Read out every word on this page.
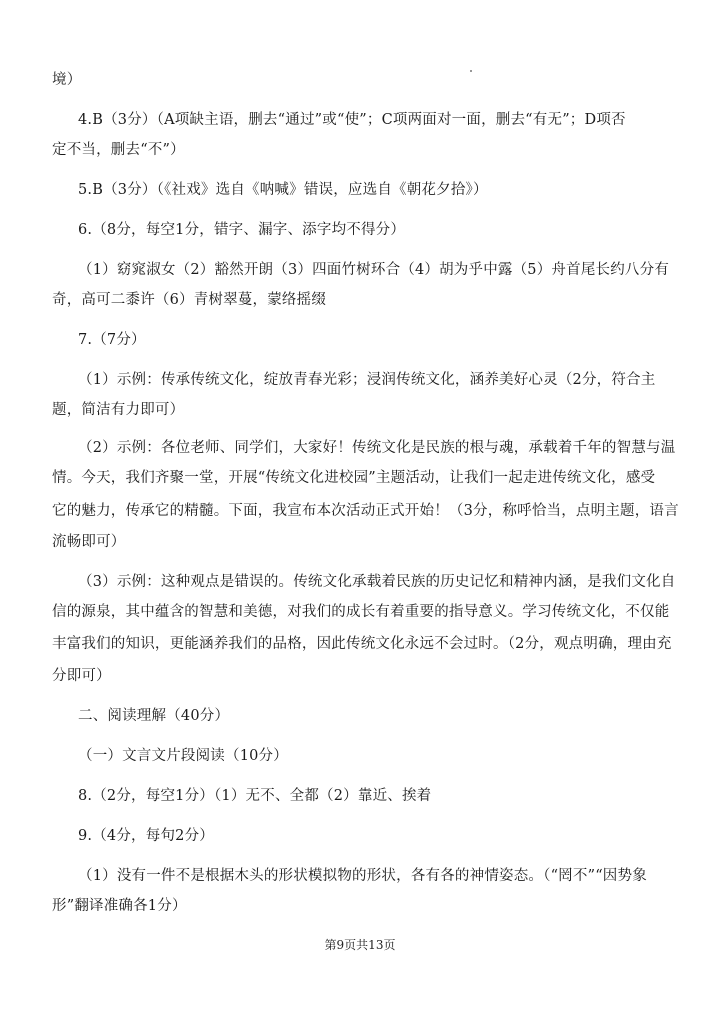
境）
4.B（3分）（A项缺主语，删去“通过”或“使”；C项两面对一面，删去“有无”；D项否
定不当，删去“不”）
5.B（3分）（《社戏》选自《呐喊》错误，应选自《朝花夕拾》）
6.（8分，每空1分，错字、漏字、添字均不得分）
（1）窈窕淑女（2）豁然开朗（3）四面竹树环合（4）胡为乎中露（5）舟首尾长约八分有
奇，高可二黍许（6）青树翠蔓，蒙络摇缀
7.（7分）
（1）示例：传承传统文化，绽放青春光彩；浸润传统文化，涵养美好心灵（2分，符合主
题，简洁有力即可）
（2）示例：各位老师、同学们，大家好！传统文化是民族的根与魂，承载着千年的智慧与温
情。今天，我们齐聚一堂，开展“传统文化进校园”主题活动，让我们一起走进传统文化，感受
它的魅力，传承它的精髓。下面，我宣布本次活动正式开始！（3分，称呼恰当，点明主题，语言
流畅即可）
（3）示例：这种观点是错误的。传统文化承载着民族的历史记忆和精神内涵，是我们文化自
信的源泉，其中蕴含的智慧和美德，对我们的成长有着重要的指导意义。学习传统文化，不仅能
丰富我们的知识，更能涵养我们的品格，因此传统文化永远不会过时。（2分，观点明确，理由充
分即可）
二、阅读理解（40分）
（一）文言文片段阅读（10分）
8.（2分，每空1分）（1）无不、全都（2）靠近、挨着
9.（4分，每句2分）
（1）没有一件不是根据木头的形状模拟物的形状，各有各的神情姿态。（“罔不”“因势象
形”翻译准确各1分）
第9页共13页
